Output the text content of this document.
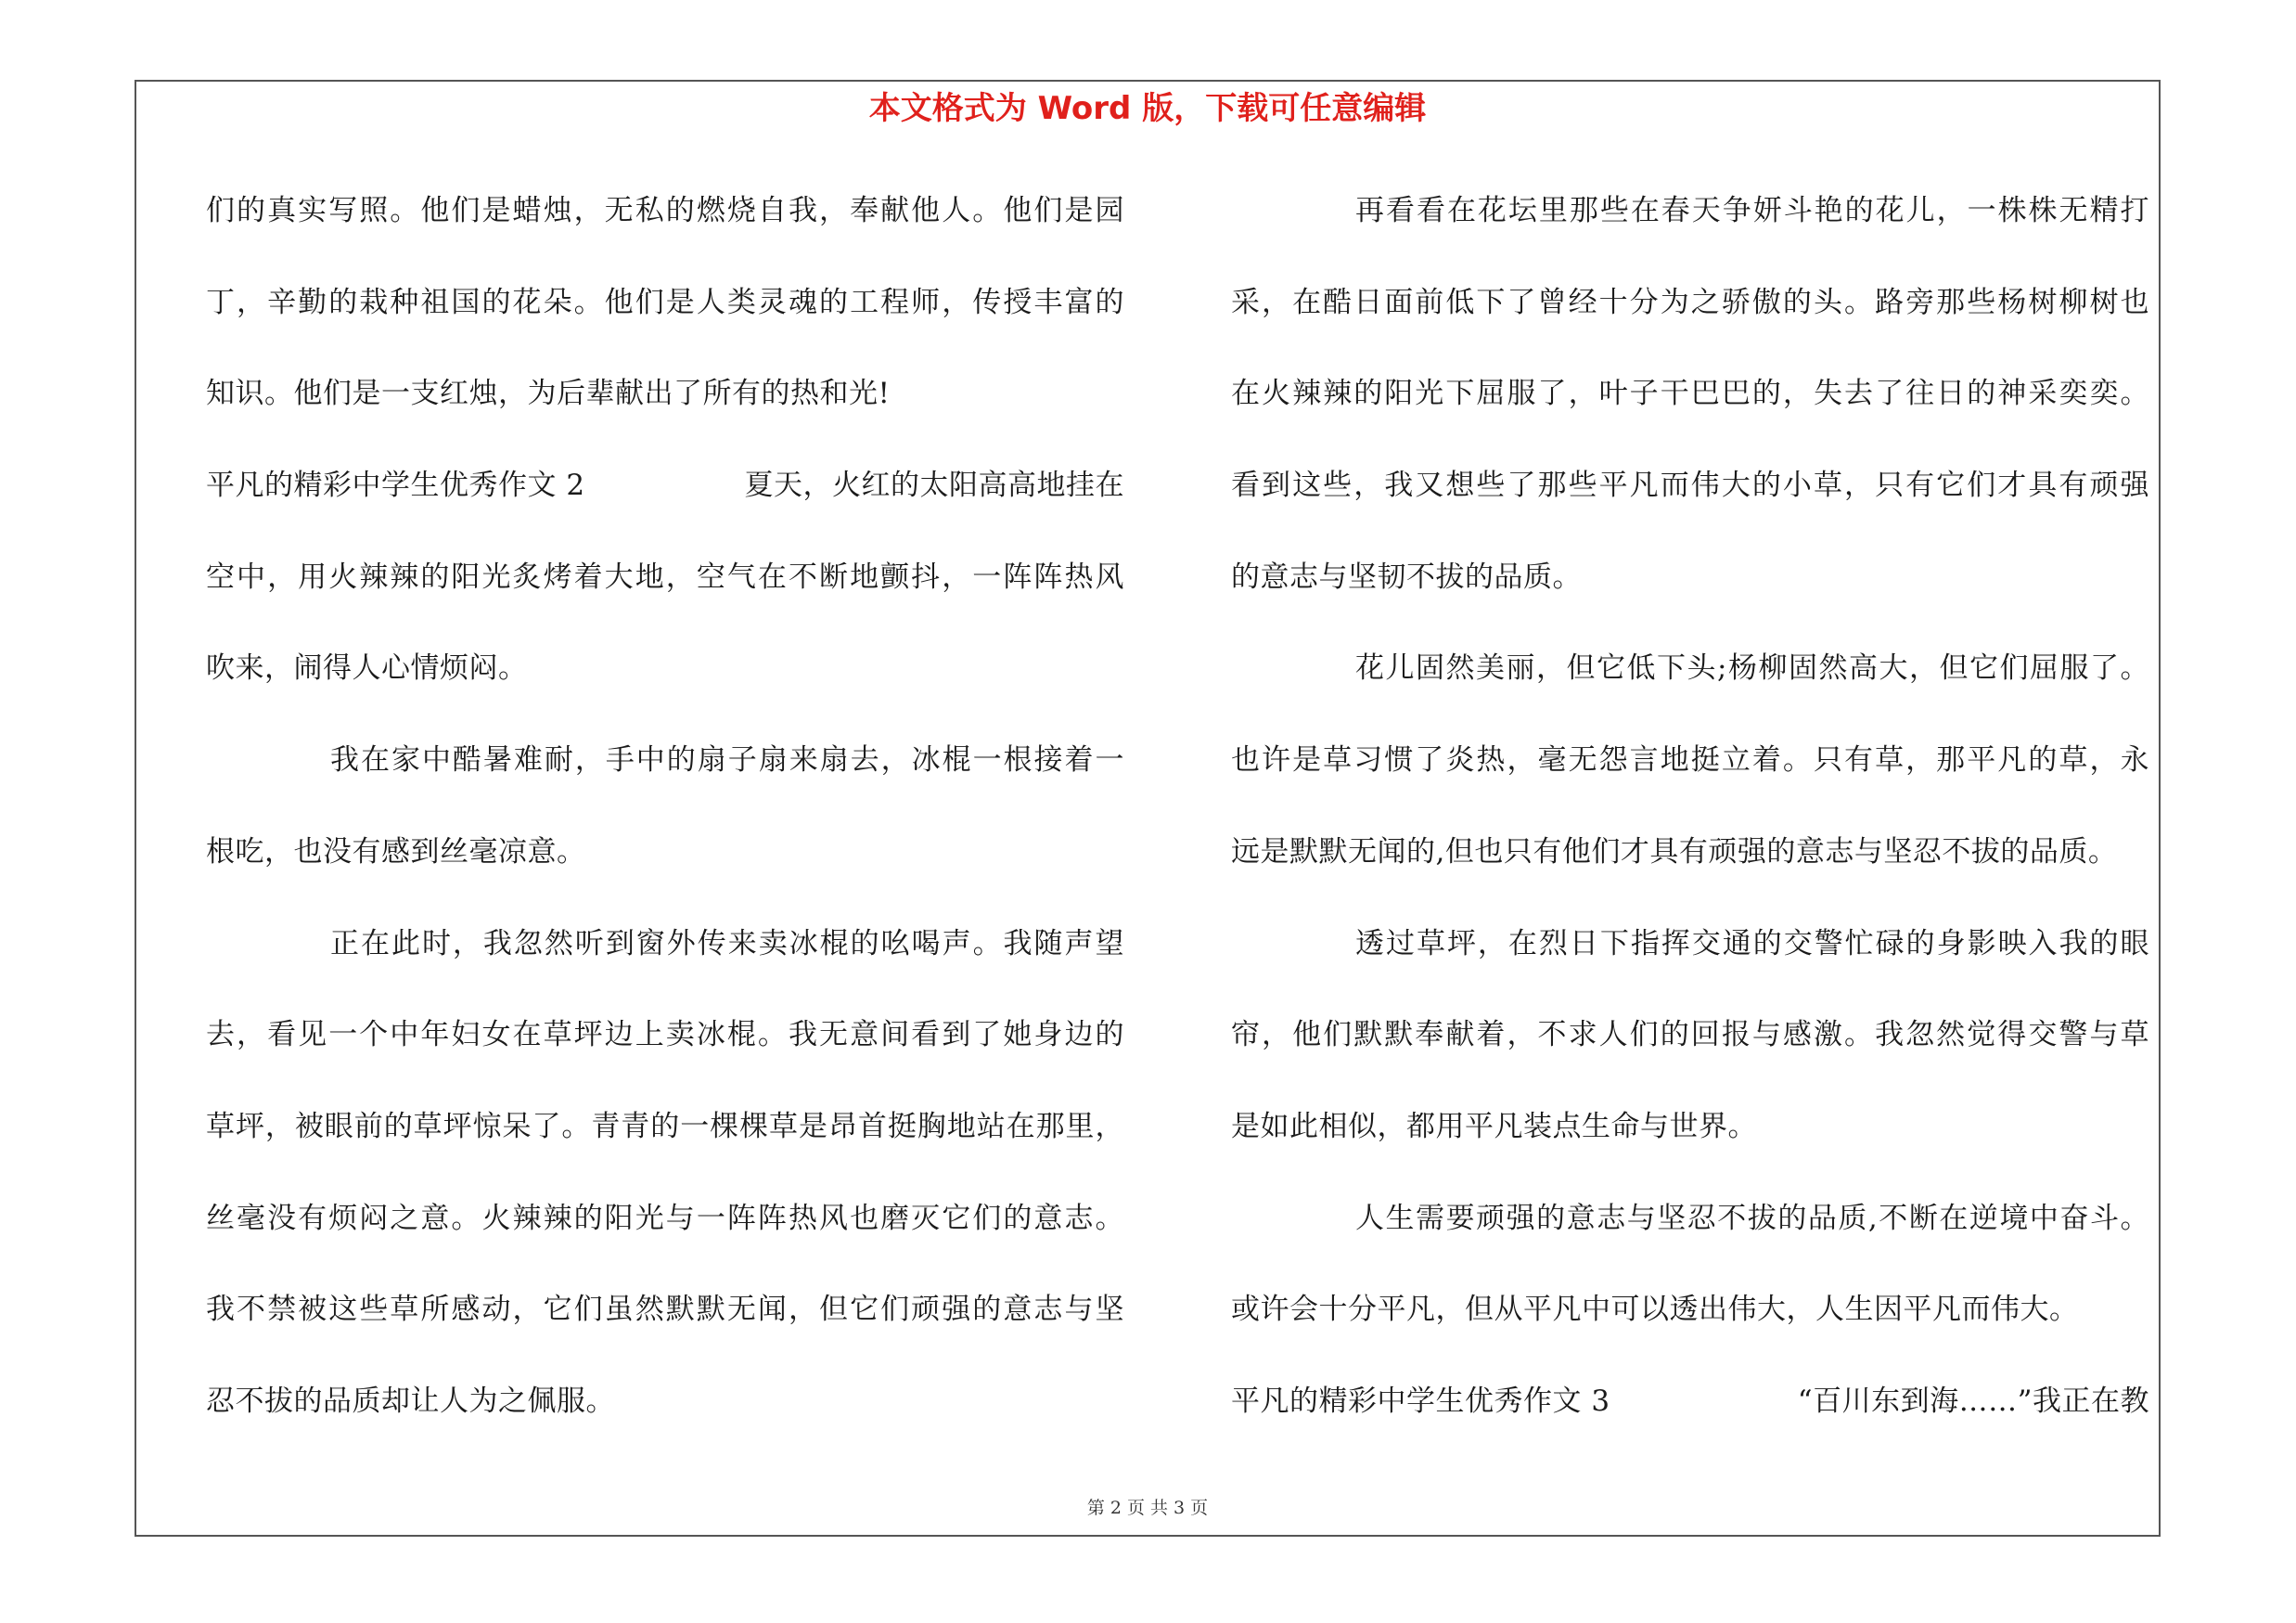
本文格式为 Word 版，下载可任意编辑
们的真实写照。他们是蜡烛，无私的燃烧自我，奉献他人。他们是园
丁，辛勤的栽种祖国的花朵。他们是人类灵魂的工程师，传授丰富的
知识。他们是一支红烛，为后辈献出了所有的热和光!
平凡的精彩中学生优秀作文 2	夏天，火红的太阳高高地挂在
空中，用火辣辣的阳光炙烤着大地，空气在不断地颤抖，一阵阵热风
吹来，闹得人心情烦闷。
我在家中酷暑难耐，手中的扇子扇来扇去，冰棍一根接着一
根吃，也没有感到丝毫凉意。
正在此时，我忽然听到窗外传来卖冰棍的吆喝声。我随声望
去，看见一个中年妇女在草坪边上卖冰棍。我无意间看到了她身边的
草坪，被眼前的草坪惊呆了。青青的一棵棵草是昂首挺胸地站在那里，
丝毫没有烦闷之意。火辣辣的阳光与一阵阵热风也磨灭它们的意志。
我不禁被这些草所感动，它们虽然默默无闻，但它们顽强的意志与坚
忍不拔的品质却让人为之佩服。
再看看在花坛里那些在春天争妍斗艳的花儿，一株株无精打
采，在酷日面前低下了曾经十分为之骄傲的头。路旁那些杨树柳树也
在火辣辣的阳光下屈服了，叶子干巴巴的，失去了往日的神采奕奕。
看到这些，我又想些了那些平凡而伟大的小草，只有它们才具有顽强
的意志与坚韧不拔的品质。
花儿固然美丽，但它低下头;杨柳固然高大，但它们屈服了。
也许是草习惯了炎热，毫无怨言地挺立着。只有草，那平凡的草，永
远是默默无闻的,但也只有他们才具有顽强的意志与坚忍不拔的品质。
透过草坪，在烈日下指挥交通的交警忙碌的身影映入我的眼
帘，他们默默奉献着，不求人们的回报与感激。我忽然觉得交警与草
是如此相似，都用平凡装点生命与世界。
人生需要顽强的意志与坚忍不拔的品质,不断在逆境中奋斗。
或许会十分平凡，但从平凡中可以透出伟大，人生因平凡而伟大。
平凡的精彩中学生优秀作文 3	“百川东到海……”我正在教
第 2 页 共 3 页
